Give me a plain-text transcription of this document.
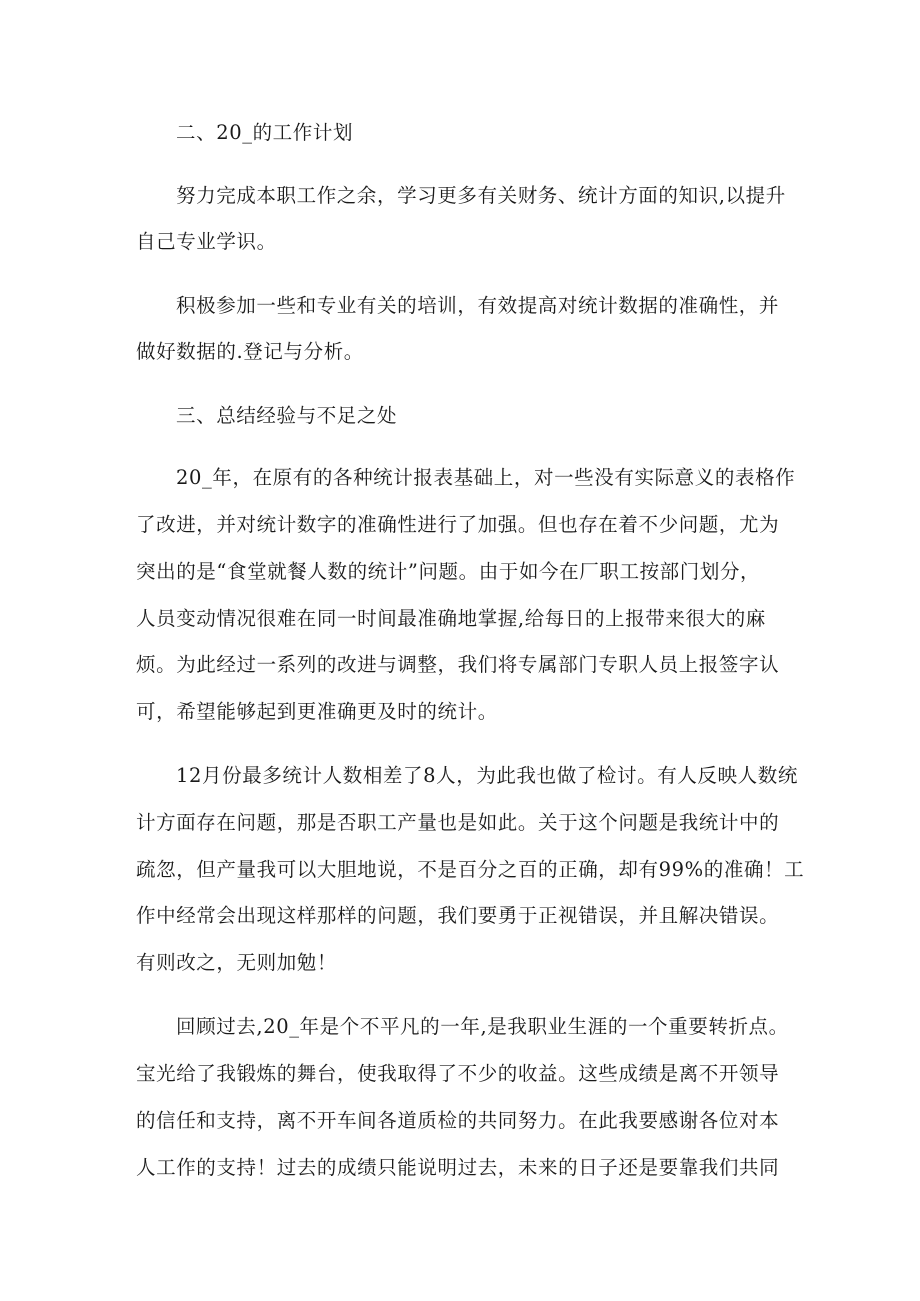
二、20_的工作计划
努力完成本职工作之余，学习更多有关财务、统计方面的知识,以提升
自己专业学识。
积极参加一些和专业有关的培训，有效提高对统计数据的准确性，并
做好数据的.登记与分析。
三、总结经验与不足之处
20_年，在原有的各种统计报表基础上，对一些没有实际意义的表格作
了改进，并对统计数字的准确性进行了加强。但也存在着不少问题，尤为
突出的是“食堂就餐人数的统计”问题。由于如今在厂职工按部门划分，
人员变动情况很难在同一时间最准确地掌握,给每日的上报带来很大的麻
烦。为此经过一系列的改进与调整，我们将专属部门专职人员上报签字认
可，希望能够起到更准确更及时的统计。
12月份最多统计人数相差了8人，为此我也做了检讨。有人反映人数统
计方面存在问题，那是否职工产量也是如此。关于这个问题是我统计中的
疏忽，但产量我可以大胆地说，不是百分之百的正确，却有99%的准确！工
作中经常会出现这样那样的问题，我们要勇于正视错误，并且解决错误。
有则改之，无则加勉！
回顾过去,20_年是个不平凡的一年,是我职业生涯的一个重要转折点。
宝光给了我锻炼的舞台，使我取得了不少的收益。这些成绩是离不开领导
的信任和支持，离不开车间各道质检的共同努力。在此我要感谢各位对本
人工作的支持！过去的成绩只能说明过去，未来的日子还是要靠我们共同
